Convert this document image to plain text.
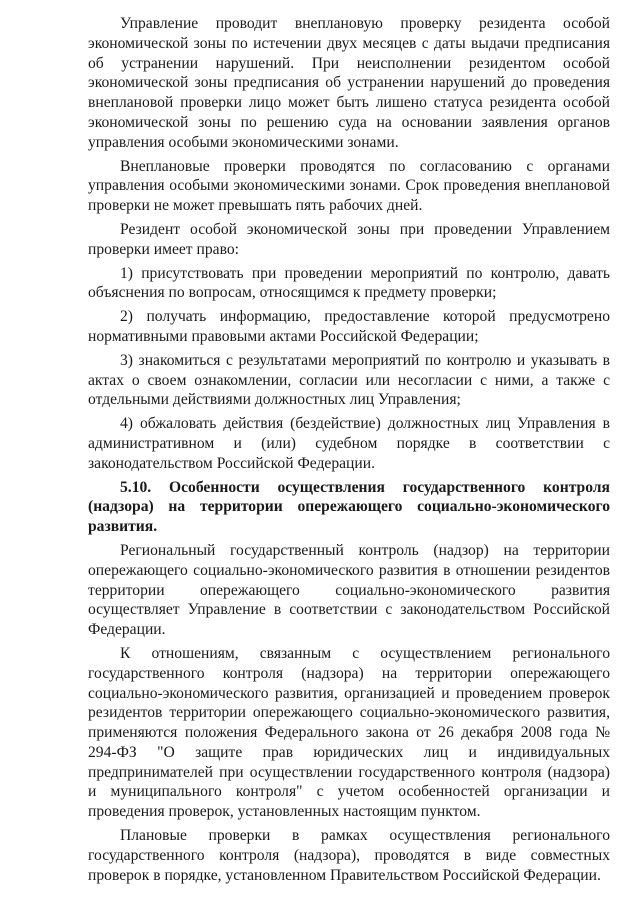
Управление проводит внеплановую проверку резидента особой экономической зоны по истечении двух месяцев с даты выдачи предписания об устранении нарушений. При неисполнении резидентом особой экономической зоны предписания об устранении нарушений до проведения внеплановой проверки лицо может быть лишено статуса резидента особой экономической зоны по решению суда на основании заявления органов управления особыми экономическими зонами.

Внеплановые проверки проводятся по согласованию с органами управления особыми экономическими зонами. Срок проведения внеплановой проверки не может превышать пять рабочих дней.

Резидент особой экономической зоны при проведении Управлением проверки имеет право:

1) присутствовать при проведении мероприятий по контролю, давать объяснения по вопросам, относящимся к предмету проверки;

2) получать информацию, предоставление которой предусмотрено нормативными правовыми актами Российской Федерации;

3) знакомиться с результатами мероприятий по контролю и указывать в актах о своем ознакомлении, согласии или несогласии с ними, а также с отдельными действиями должностных лиц Управления;

4) обжаловать действия (бездействие) должностных лиц Управления в административном и (или) судебном порядке в соответствии с законодательством Российской Федерации.

5.10. Особенности осуществления государственного контроля (надзора) на территории опережающего социально-экономического развития.

Региональный государственный контроль (надзор) на территории опережающего социально-экономического развития в отношении резидентов территории опережающего социально-экономического развития осуществляет Управление в соответствии с законодательством Российской Федерации.

К отношениям, связанным с осуществлением регионального государственного контроля (надзора) на территории опережающего социально-экономического развития, организацией и проведением проверок резидентов территории опережающего социально-экономического развития, применяются положения Федерального закона от 26 декабря 2008 года № 294-ФЗ "О защите прав юридических лиц и индивидуальных предпринимателей при осуществлении государственного контроля (надзора) и муниципального контроля" с учетом особенностей организации и проведения проверок, установленных настоящим пунктом.

Плановые проверки в рамках осуществления регионального государственного контроля (надзора), проводятся в виде совместных проверок в порядке, установленном Правительством Российской Федерации.
